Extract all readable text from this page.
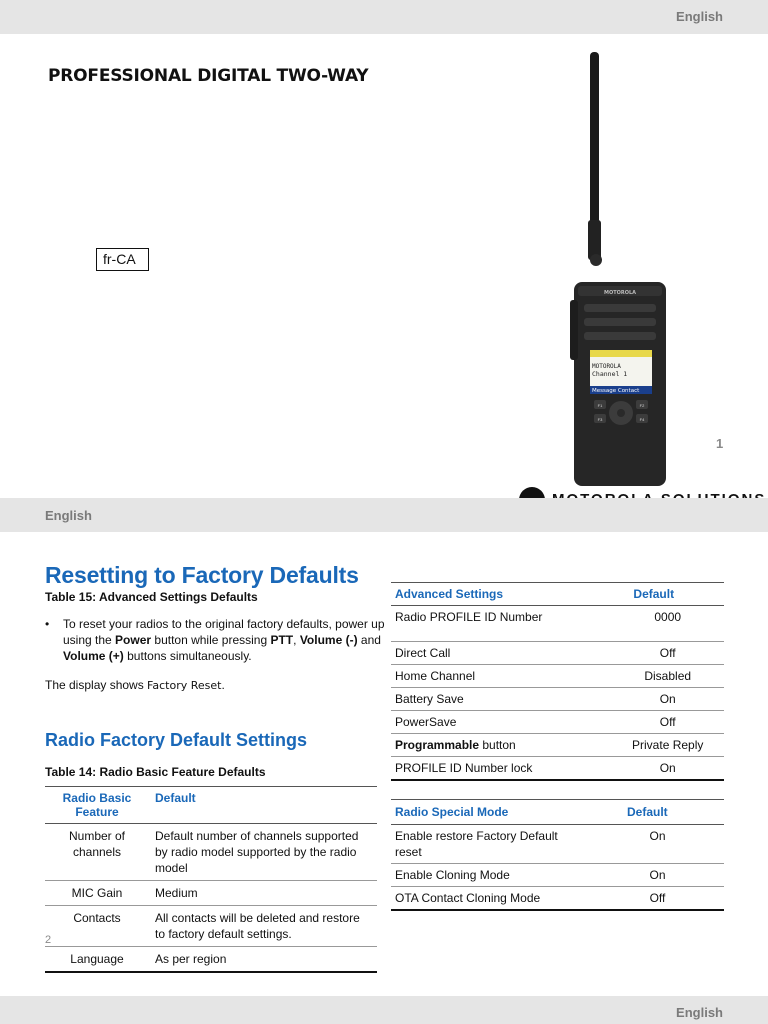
English
PROFESSIONAL DIGITAL TWO-WAY
fr-CA
MOTOROLA
Channel 1
Message Contact
MOTOROLA
F1	F2
F3	F4
1
English
Resetting to Factory Defaults
Table 15: Advanced Settings Defaults
• To reset your radios to the original factory defaults, power up using the Power button while pressing PTT, Volume (-) and Volume (+) buttons simultaneously.
The display shows Factory Reset.
Radio Factory Default Settings
Table 14: Radio Basic Feature Defaults
Advanced Settings	Default
Radio PROFILE ID Number	0000
Direct Call	Off
Home Channel	Disabled
Battery Save	On
PowerSave	Off
Programmable button	Private Reply
PROFILE ID Number lock	On
Radio Special Mode	Default
Enable restore Factory Default reset	On
Enable Cloning Mode	On
OTA Contact Cloning Mode	Off
Radio Basic Feature	Default
Number of channels	Default number of channels supported by radio model supported by the radio model
MIC Gain	Medium
Contacts	All contacts will be deleted and restore to factory default settings.
Language	As per region
2
English
